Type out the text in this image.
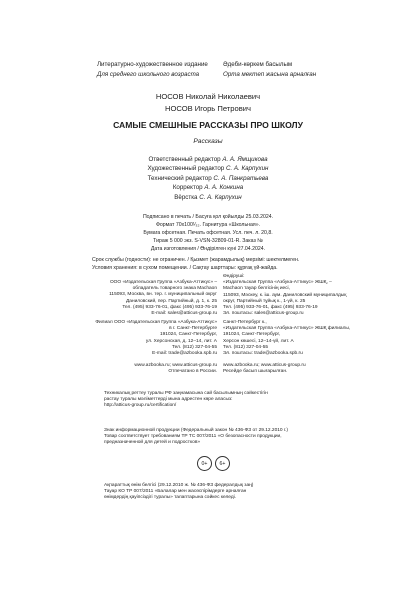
Литературно-художественное издание Әдеби-көркем басылым
Для среднего школьного возраста	Орта мектеп жасына арналған
НОСОВ Николай Николаевич
НОСОВ Игорь Петрович
САМЫЕ СМЕШНЫЕ РАССКАЗЫ ПРО ШКОЛУ
Рассказы
Ответственный редактор А. А. Ямщикова
Художественный редактор С. А. Карпухин
Технический редактор С. А. Панкратьева
Корректор А. А. Конкина
Вёрстка С. А. Карпухин
Подписано в печать / Басуға қол қойылды 25.03.2024.
Формат 70x100¹⁄₃₂. Гарнитура «Школьная».
Бумага офсетная. Печать офсетная. Усл. печ. л. 20,8.
Тираж 5 000 экз. S-VSN-32809-01-R. Заказ №
Дата изготовления / Өндірілген күні 27.04.2024.
Срок службы (годности): не ограничен. / Қызмет (жарамдылық) мерзімі: шектелмеген.
Условия хранения: в сухом помещении. / Сақтау шарттары: құрғақ үй-жайда.
ООО «Издательская Группа «Азбука-Аттикус» –
обладатель товарного знака Machaon
115093, Москва, вн. тер. г. муниципальный округ
Даниловский, пер. Партийный, д. 1, к. 25
Тел. (495) 933-76-01, факс (495) 933-76-19
E-mail: sales@atticus-group.ru
Өндіруші:
«Издательская Группа «Азбука-Аттикус» ЖШҚ, –
Machaon тауар белгісінің иесі,
115093, Мәскеу, к. іш. аум. Даниловский муниципалдық
округ, Партийный тұйық к., 1-үй, к. 25
Тел. (495) 933-76-01, факс (495) 933-76-19
Эл. поштасы: sales@atticus-group.ru
Филиал ООО «Издательская Группа «Азбука-Аттикус»
в г. Санкт-Петербурге
191024, Санкт-Петербург,
ул. Херсонская, д. 12–14, лит. А
Тел. (812) 327-04-55
E-mail: trade@azbooka.spb.ru
Санкт-Петербург к.,
«Издательская Группа «Азбука-Аттикус» ЖШҚ филиалы,
191024, Санкт-Петербург,
Херсон көшесі, 12–14-үй, лит. А
Тел. (812) 327-04-55
Эл. поштасы: trade@azbooka.spb.ru
www.azbooka.ru; www.atticus-group.ru
Отпечатано в России.
www.azbooka.ru; www.atticus-group.ru
Ресейде басып шығарылған.
Техникалық реттеу туралы РФ заңнамасына сай басылымның сәйкестігін
растау туралы мәліметтерді мына адрестен көре аласыз:
http://atticus-group.ru/certification/
Знак информационной продукции (Федеральный закон № 436-ФЗ от 29.12.2010 г.)
Товар соответствует требованиям ТР ТС 007/2011 «О безопасности продукции,
предназначенной для детей и подростков»
0+	6+
Ақпараттық өнім белгісі (29.12.2010 ж. № 436-ФЗ федералдық заң)
Тауар КО ТР 007/2011 «Балалар мен жасөспірімдерге арналған
өнімдердің қауіпсіздігі туралы» талаптарына сәйкес келеді.
